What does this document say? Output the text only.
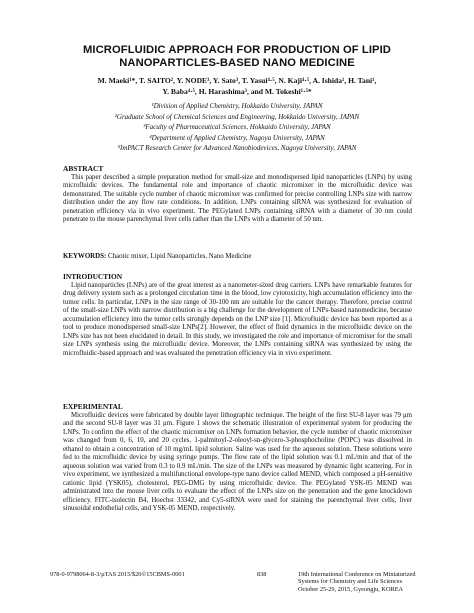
MICROFLUIDIC APPROACH FOR PRODUCTION OF LIPID
NANOPARTICLES-BASED NANO MEDICINE
M. Maeki¹*, T. SAITO², Y. NODE³, Y. Sato³, T. Yasui⁴·⁵, N. Kaji⁴·⁵, A. Ishida¹, H. Tani¹,
Y. Baba⁴·⁵, H. Harashima³, and M. Tokeshi¹·⁵*
¹Division of Applied Chemistry, Hokkaido University, JAPAN
²Graduate School of Chemical Sciences and Engineering, Hokkaido University, JAPAN
³Faculty of Pharmaceutical Sciences, Hokkaido University, JAPAN
⁴Department of Applied Chemistry, Nagoya University, JAPAN
⁵ImPACT Research Center for Advanced Nanobiodevices, Nagoya University, JAPAN
ABSTRACT
This paper described a simple preparation method for small-size and monodispersed lipid nanoparticles (LNPs) by using microfluidic devices. The fundamental role and importance of chaotic micromixer in the microfluidic device was demonstrated. The suitable cycle number of chaotic micromixer was confirmed for precise controlling LNPs size with narrow distribution under the any flow rate conditions. In addition, LNPs containing siRNA was synthesized for evaluation of penetration efficiency via in vivo experiment. The PEGylated LNPs containing siRNA with a diameter of 30 nm could penetrate to the mouse parenchymal liver cells rather than the LNPs with a diameter of 50 nm.
KEYWORDS: Chaotic mixer, Lipid Nanoparticles, Nano Medicine
INTRODUCTION
Lipid nanoparticles (LNPs) are of the great interest as a nanometer-sized drug carriers. LNPs have remarkable features for drug delivery system such as a prolonged circulation time in the blood, low cytotoxicity, high accumulation efficiency into the tumor cells. In particular, LNPs in the size range of 30-100 nm are suitable for the cancer therapy. Therefore, precise control of the small-size LNPs with narrow distribution is a big challenge for the development of LNPs-based nanomedicine, because accumulation efficiency into the tumor cells strongly depends on the LNP size [1]. Microfluidic device has been reported as a tool to produce monodispersed small-size LNPs[2]. However, the effect of fluid dynamics in the microfluidic device on the LNPs size has not been elucidated in detail. In this study, we investigated the role and importance of micromixer for the small size LNPs synthesis using the microfluidic device. Moreover, the LNPs containing siRNA was synthesized by using the microfluidic-based approach and was evaluated the penetration efficiency via in vivo experiment.
EXPERIMENTAL
Microfluidic devices were fabricated by double layer lithographic technique. The height of the first SU-8 layer was 79 μm and the second SU-8 layer was 31 μm. Figure 1 shows the schematic illustration of experimental system for producing the LNPs. To confirm the effect of the chaotic micromixer on LNPs formation behavior, the cycle number of chaotic micromixer was changed from 0, 6, 10, and 20 cycles. 1-palmitoyl-2-oleoyl-sn-glycero-3-phosphocholine (POPC) was dissolved in ethanol to obtain a concentration of 10 mg/mL lipid solution. Saline was used for the aqueous solution. These solutions were fed to the microfluidic device by using syringe pumps. The flow rate of the lipid solution was 0.1 mL/min and that of the aqueous solution was varied from 0.3 to 0.9 mL/min. The size of the LNPs was measured by dynamic light scattering. For in vivo experiment, we synthesized a multifunctional envelope-type nano device called MEND, which composed a pH-sensitive cationic lipid (YSK05), cholesterol, PEG-DMG by using microfluidic device. The PEGylated YSK-05 MEND was administrated into the mouse liver cells to evaluate the effect of the LNPs size on the penetration and the gene knockdown efficiency. FITC-isolectin B4, Hoechst 33342, and Cy5-siRNA were used for staining the parenchymal liver cells, liver sinusoidal endothelial cells, and YSK-05 MEND, respectively.
978-0-9798064-8-3/µTAS 2015/$20©15CBMS-0001	838	19th International Conference on Miniaturized
Systems for Chemistry and Life Sciences
October 25-29, 2015, Gyeongju, KOREA
